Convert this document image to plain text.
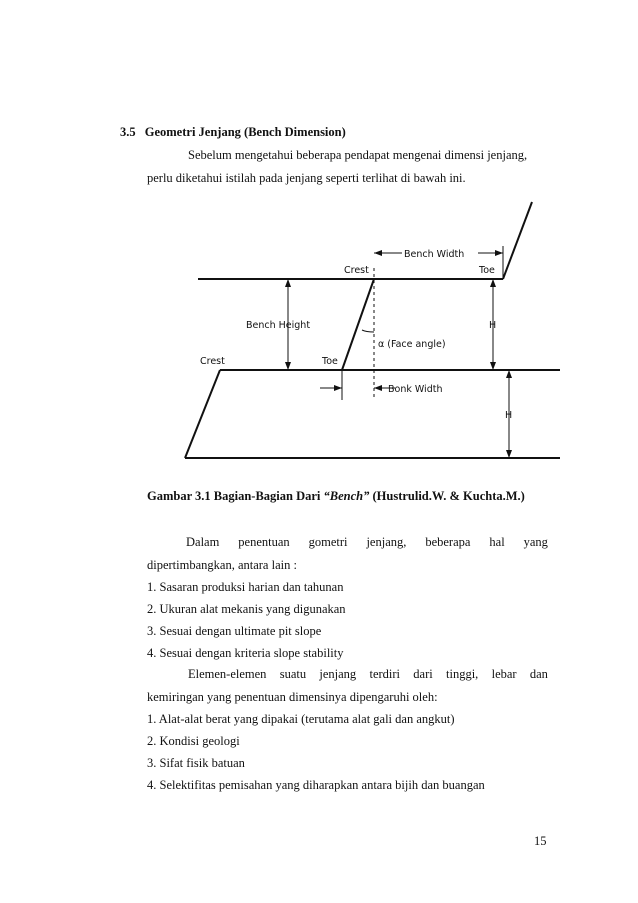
3.5 Geometri Jenjang (Bench Dimension)
Sebelum mengetahui beberapa pendapat mengenai dimensi jenjang,
perlu diketahui istilah pada jenjang seperti terlihat di bawah ini.
Bench Width
Crest	Toe
Bench Height	H
α (Face angle)
Crest	Toe
Bonk Width
H
Gambar 3.1 Bagian-Bagian Dari “Bench” (Hustrulid.W. & Kuchta.M.)
Dalam penentuan gometri jenjang, beberapa hal yang
dipertimbangkan, antara lain :
1. Sasaran produksi harian dan tahunan
2. Ukuran alat mekanis yang digunakan
3. Sesuai dengan ultimate pit slope
4. Sesuai dengan kriteria slope stability
Elemen-elemen suatu jenjang terdiri dari tinggi, lebar dan
kemiringan yang penentuan dimensinya dipengaruhi oleh:
1. Alat-alat berat yang dipakai (terutama alat gali dan angkut)
2. Kondisi geologi
3. Sifat fisik batuan
4. Selektifitas pemisahan yang diharapkan antara bijih dan buangan
15
